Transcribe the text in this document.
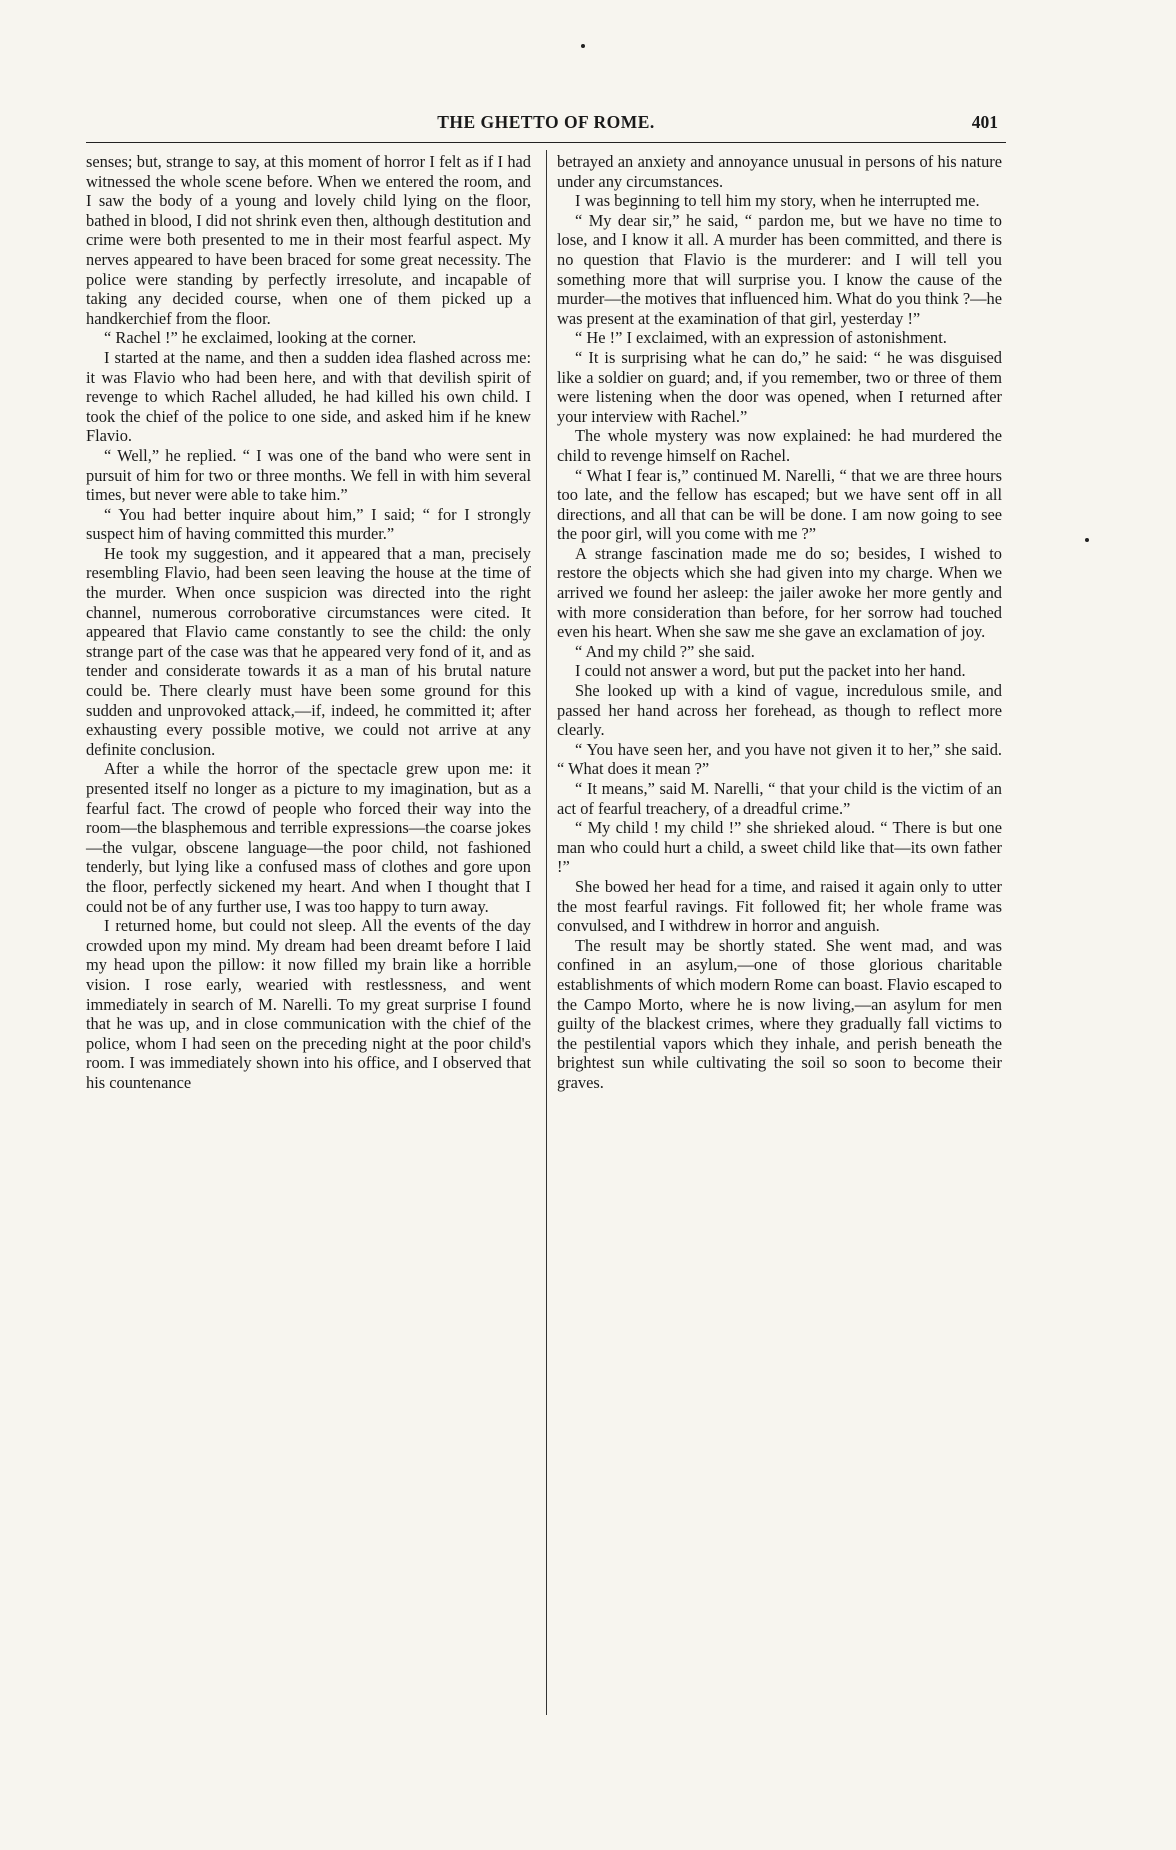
THE GHETTO OF ROME.	401

senses; but, strange to say, at this moment of horror I felt as if I had witnessed the whole scene before. When we entered the room, and I saw the body of a young and lovely child lying on the floor, bathed in blood, I did not shrink even then, although destitution and crime were both presented to me in their most fearful aspect. My nerves appeared to have been braced for some great necessity. The police were standing by perfectly irresolute, and incapable of taking any decided course, when one of them picked up a handkerchief from the floor.

“ Rachel !” he exclaimed, looking at the corner.

I started at the name, and then a sudden idea flashed across me: it was Flavio who had been here, and with that devilish spirit of revenge to which Rachel alluded, he had killed his own child. I took the chief of the police to one side, and asked him if he knew Flavio.

“ Well,” he replied. “ I was one of the band who were sent in pursuit of him for two or three months. We fell in with him several times, but never were able to take him.”

“ You had better inquire about him,” I said; “ for I strongly suspect him of having committed this murder.”

He took my suggestion, and it appeared that a man, precisely resembling Flavio, had been seen leaving the house at the time of the murder. When once suspicion was directed into the right channel, numerous corroborative circumstances were cited. It appeared that Flavio came constantly to see the child: the only strange part of the case was that he appeared very fond of it, and as tender and considerate towards it as a man of his brutal nature could be. There clearly must have been some ground for this sudden and unprovoked attack,—if, indeed, he committed it; after exhausting every possible motive, we could not arrive at any definite conclusion.

After a while the horror of the spectacle grew upon me: it presented itself no longer as a picture to my imagination, but as a fearful fact. The crowd of people who forced their way into the room—the blasphemous and terrible expressions—the coarse jokes—the vulgar, obscene language—the poor child, not fashioned tenderly, but lying like a confused mass of clothes and gore upon the floor, perfectly sickened my heart. And when I thought that I could not be of any further use, I was too happy to turn away.

I returned home, but could not sleep. All the events of the day crowded upon my mind. My dream had been dreamt before I laid my head upon the pillow: it now filled my brain like a horrible vision. I rose early, wearied with restlessness, and went immediately in search of M. Narelli. To my great surprise I found that he was up, and in close communication with the chief of the police, whom I had seen on the preceding night at the poor child's room. I was immediately shown into his office, and I observed that his countenance

betrayed an anxiety and annoyance unusual in persons of his nature under any circumstances.

I was beginning to tell him my story, when he interrupted me.

“ My dear sir,” he said, “ pardon me, but we have no time to lose, and I know it all. A murder has been committed, and there is no question that Flavio is the murderer: and I will tell you something more that will surprise you. I know the cause of the murder—the motives that influenced him. What do you think ?—he was present at the examination of that girl, yesterday !”

“ He !” I exclaimed, with an expression of astonishment.

“ It is surprising what he can do,” he said: “ he was disguised like a soldier on guard; and, if you remember, two or three of them were listening when the door was opened, when I returned after your interview with Rachel.”

The whole mystery was now explained: he had murdered the child to revenge himself on Rachel.

“ What I fear is,” continued M. Narelli, “ that we are three hours too late, and the fellow has escaped; but we have sent off in all directions, and all that can be will be done. I am now going to see the poor girl, will you come with me ?”

A strange fascination made me do so; besides, I wished to restore the objects which she had given into my charge. When we arrived we found her asleep: the jailer awoke her more gently and with more consideration than before, for her sorrow had touched even his heart. When she saw me she gave an exclamation of joy.

“ And my child ?” she said.

I could not answer a word, but put the packet into her hand.

She looked up with a kind of vague, incredulous smile, and passed her hand across her forehead, as though to reflect more clearly.

“ You have seen her, and you have not given it to her,” she said. “ What does it mean ?”

“ It means,” said M. Narelli, “ that your child is the victim of an act of fearful treachery, of a dreadful crime.”

“ My child ! my child !” she shrieked aloud. “ There is but one man who could hurt a child, a sweet child like that—its own father !”

She bowed her head for a time, and raised it again only to utter the most fearful ravings. Fit followed fit; her whole frame was convulsed, and I withdrew in horror and anguish.

The result may be shortly stated. She went mad, and was confined in an asylum,—one of those glorious charitable establishments of which modern Rome can boast. Flavio escaped to the Campo Morto, where he is now living,—an asylum for men guilty of the blackest crimes, where they gradually fall victims to the pestilential vapors which they inhale, and perish beneath the brightest sun while cultivating the soil so soon to become their graves.
